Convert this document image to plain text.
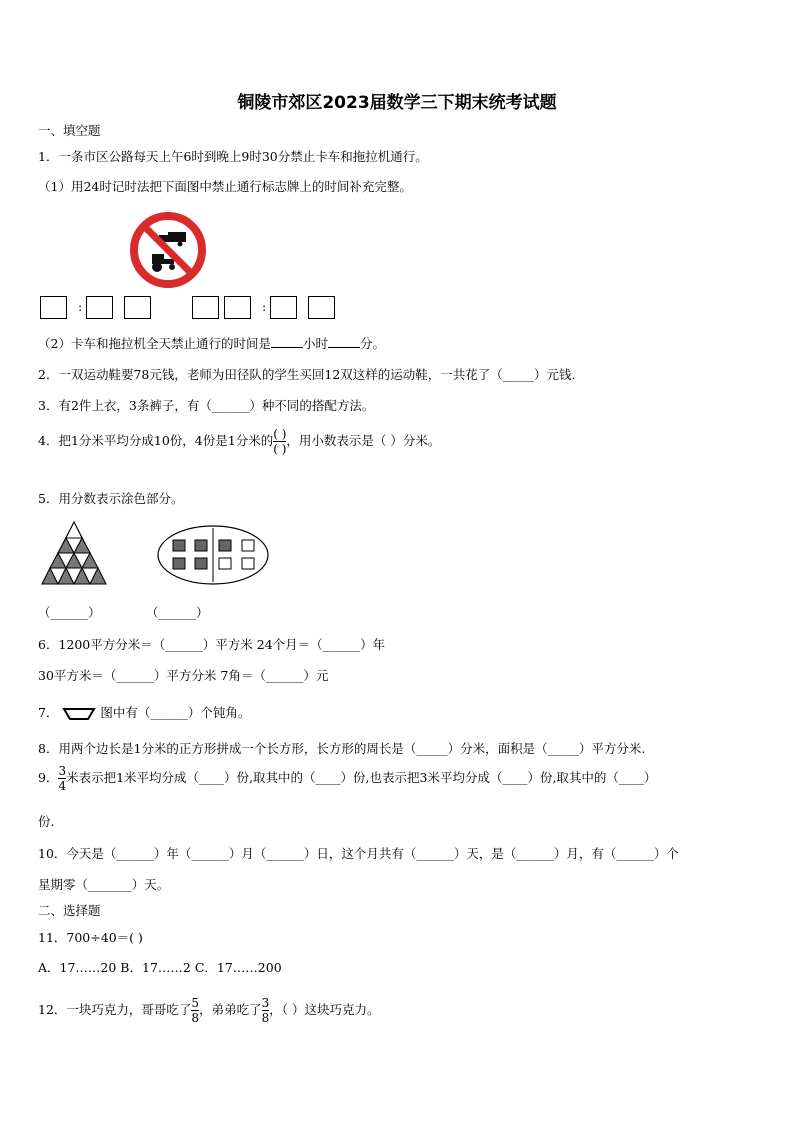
铜陵市郊区2023届数学三下期末统考试题
一、填空题
1．一条市区公路每天上午6时到晚上9时30分禁止卡车和拖拉机通行。
（1）用24时记时法把下面图中禁止通行标志牌上的时间补充完整。
:	:
（2）卡车和拖拉机全天禁止通行的时间是	小时	分。
2．一双运动鞋要78元钱，老师为田径队的学生买回12双这样的运动鞋，一共花了（_____）元钱.
3．有2件上衣，3条裤子，有（______）种不同的搭配方法。
4．把1分米平均分成10份，4份是1分米的 $\frac{( )}{( )}$ ，用小数表示是（ ）分米。
5．用分数表示涂色部分。
（______）	（______）
6．1200平方分米＝（______）平方米 24个月＝（______）年
30平方米＝（______）平方分米 7角＝（______）元
7．	图中有（______）个钝角。
8．用两个边长是1分米的正方形拼成一个长方形，长方形的周长是（_____）分米，面积是（_____）平方分米.
9． $\frac{3}{4}$ 米表示把1米平均分成（____）份,取其中的（____）份,也表示把3米平均分成（____）份,取其中的（____）
份.
10．今天是（______）年（______）月（______）日，这个月共有（______）天，是（______）月，有（______）个
星期零（_______）天。
二、选择题
11．700÷40＝( )
A．17……20 B．17……2 C．17……200
12．一块巧克力，哥哥吃了 $\frac{5}{8}$ ，弟弟吃了 $\frac{3}{8}$ ，（ ）这块巧克力。
